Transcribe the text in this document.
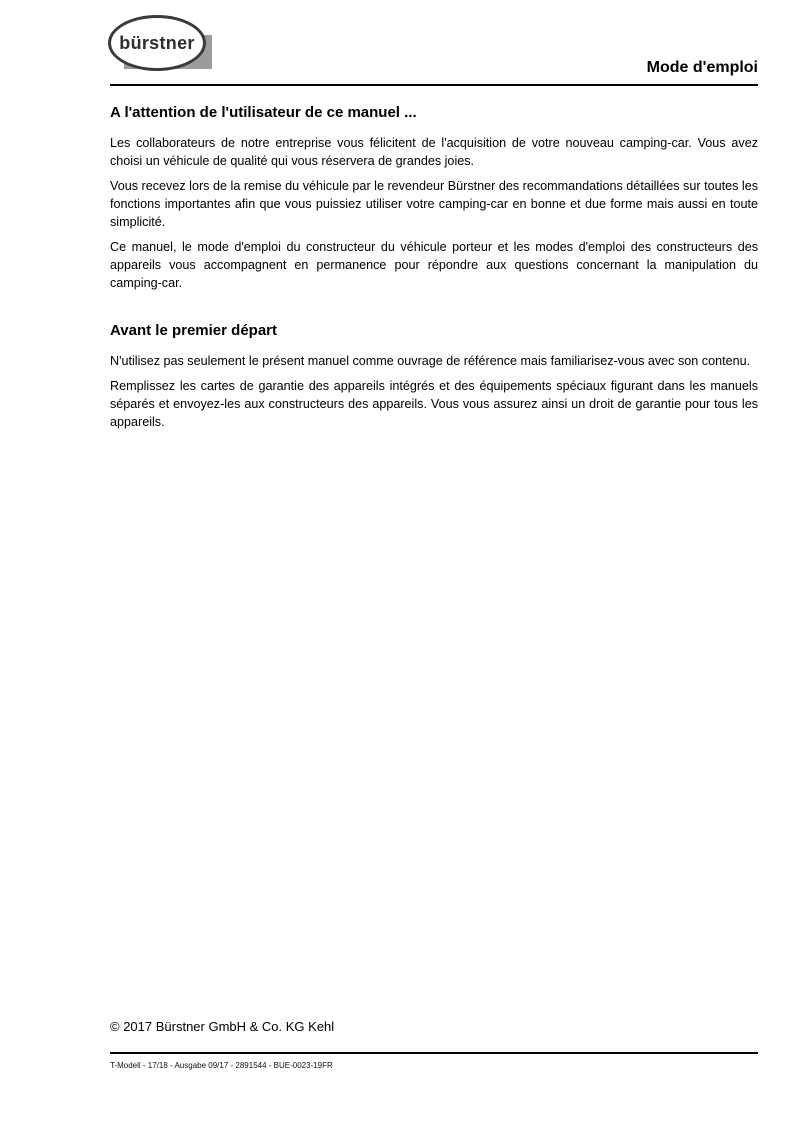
bürstner
Mode d'emploi
A l'attention de l'utilisateur de ce manuel ...

Les collaborateurs de notre entreprise vous félicitent de l'acquisition de votre nouveau camping-car. Vous avez choisi un véhicule de qualité qui vous réservera de grandes joies.

Vous recevez lors de la remise du véhicule par le revendeur Bürstner des recommandations détaillées sur toutes les fonctions importantes afin que vous puissiez utiliser votre camping-car en bonne et due forme mais aussi en toute simplicité.

Ce manuel, le mode d'emploi du constructeur du véhicule porteur et les modes d'emploi des constructeurs des appareils vous accompagnent en permanence pour répondre aux questions concernant la manipulation du camping-car.

Avant le premier départ

N'utilisez pas seulement le présent manuel comme ouvrage de référence mais familiarisez-vous avec son contenu.

Remplissez les cartes de garantie des appareils intégrés et des équipements spéciaux figurant dans les manuels séparés et envoyez-les aux constructeurs des appareils. Vous vous assurez ainsi un droit de garantie pour tous les appareils.

© 2017 Bürstner GmbH & Co. KG Kehl
T-Modell - 17/18 - Ausgabe 09/17 - 2891544 - BUE-0023-19FR
